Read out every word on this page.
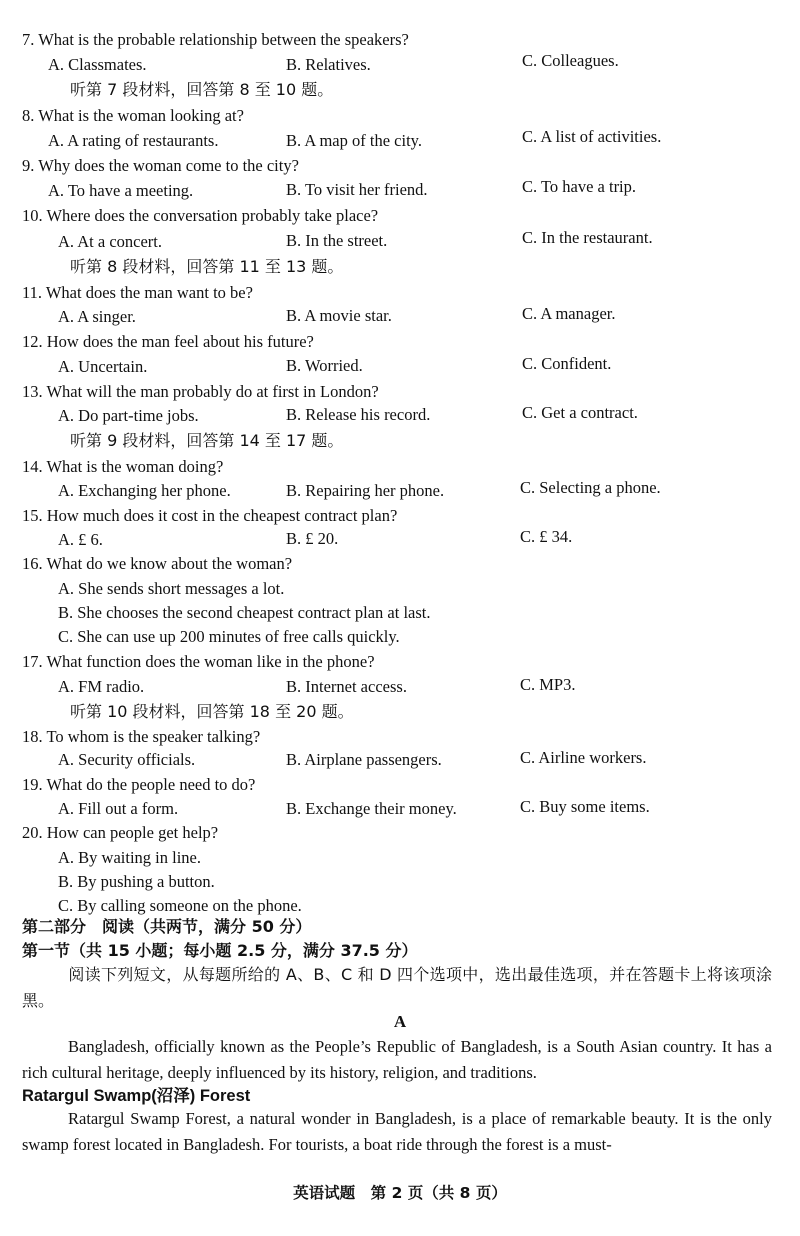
7. What is the probable relationship between the speakers?
A. Classmates.	B. Relatives.	C. Colleagues.
听第 7 段材料，回答第 8 至 10 题。
8. What is the woman looking at?
A. A rating of restaurants.	B. A map of the city.	C. A list of activities.
9. Why does the woman come to the city?
A. To have a meeting.	B. To visit her friend.	C. To have a trip.
10. Where does the conversation probably take place?
A. At a concert.	B. In the street.	C. In the restaurant.
听第 8 段材料，回答第 11 至 13 题。
11. What does the man want to be?
A. A singer.	B. A movie star.	C. A manager.
12. How does the man feel about his future?
A. Uncertain.	B. Worried.	C. Confident.
13. What will the man probably do at first in London?
A. Do part-time jobs.	B. Release his record.	C. Get a contract.
听第 9 段材料，回答第 14 至 17 题。
14. What is the woman doing?
A. Exchanging her phone.	B. Repairing her phone.	C. Selecting a phone.
15. How much does it cost in the cheapest contract plan?
A. £ 6.	B. £ 20.	C. £ 34.
16. What do we know about the woman?
A. She sends short messages a lot.
B. She chooses the second cheapest contract plan at last.
C. She can use up 200 minutes of free calls quickly.
17. What function does the woman like in the phone?
A. FM radio.	B. Internet access.	C. MP3.
听第 10 段材料，回答第 18 至 20 题。
18. To whom is the speaker talking?
A. Security officials.	B. Airplane passengers.	C. Airline workers.
19. What do the people need to do?
A. Fill out a form.	B. Exchange their money.	C. Buy some items.
20. How can people get help?
A. By waiting in line.
B. By pushing a button.
C. By calling someone on the phone.
第二部分　阅读（共两节，满分 50 分）
第一节（共 15 小题；每小题 2.5 分，满分 37.5 分）
阅读下列短文，从每题所给的 A、B、C 和 D 四个选项中，选出最佳选项，并在答题卡上将该项涂黑。
A
Bangladesh, officially known as the People’s Republic of Bangladesh, is a South Asian country. It has a rich cultural heritage, deeply influenced by its history, religion, and traditions.
Ratargul Swamp(沼泽) Forest
Ratargul Swamp Forest, a natural wonder in Bangladesh, is a place of remarkable beauty. It is the only swamp forest located in Bangladesh. For tourists, a boat ride through the forest is a must-
英语试题　第 2 页（共 8 页）
